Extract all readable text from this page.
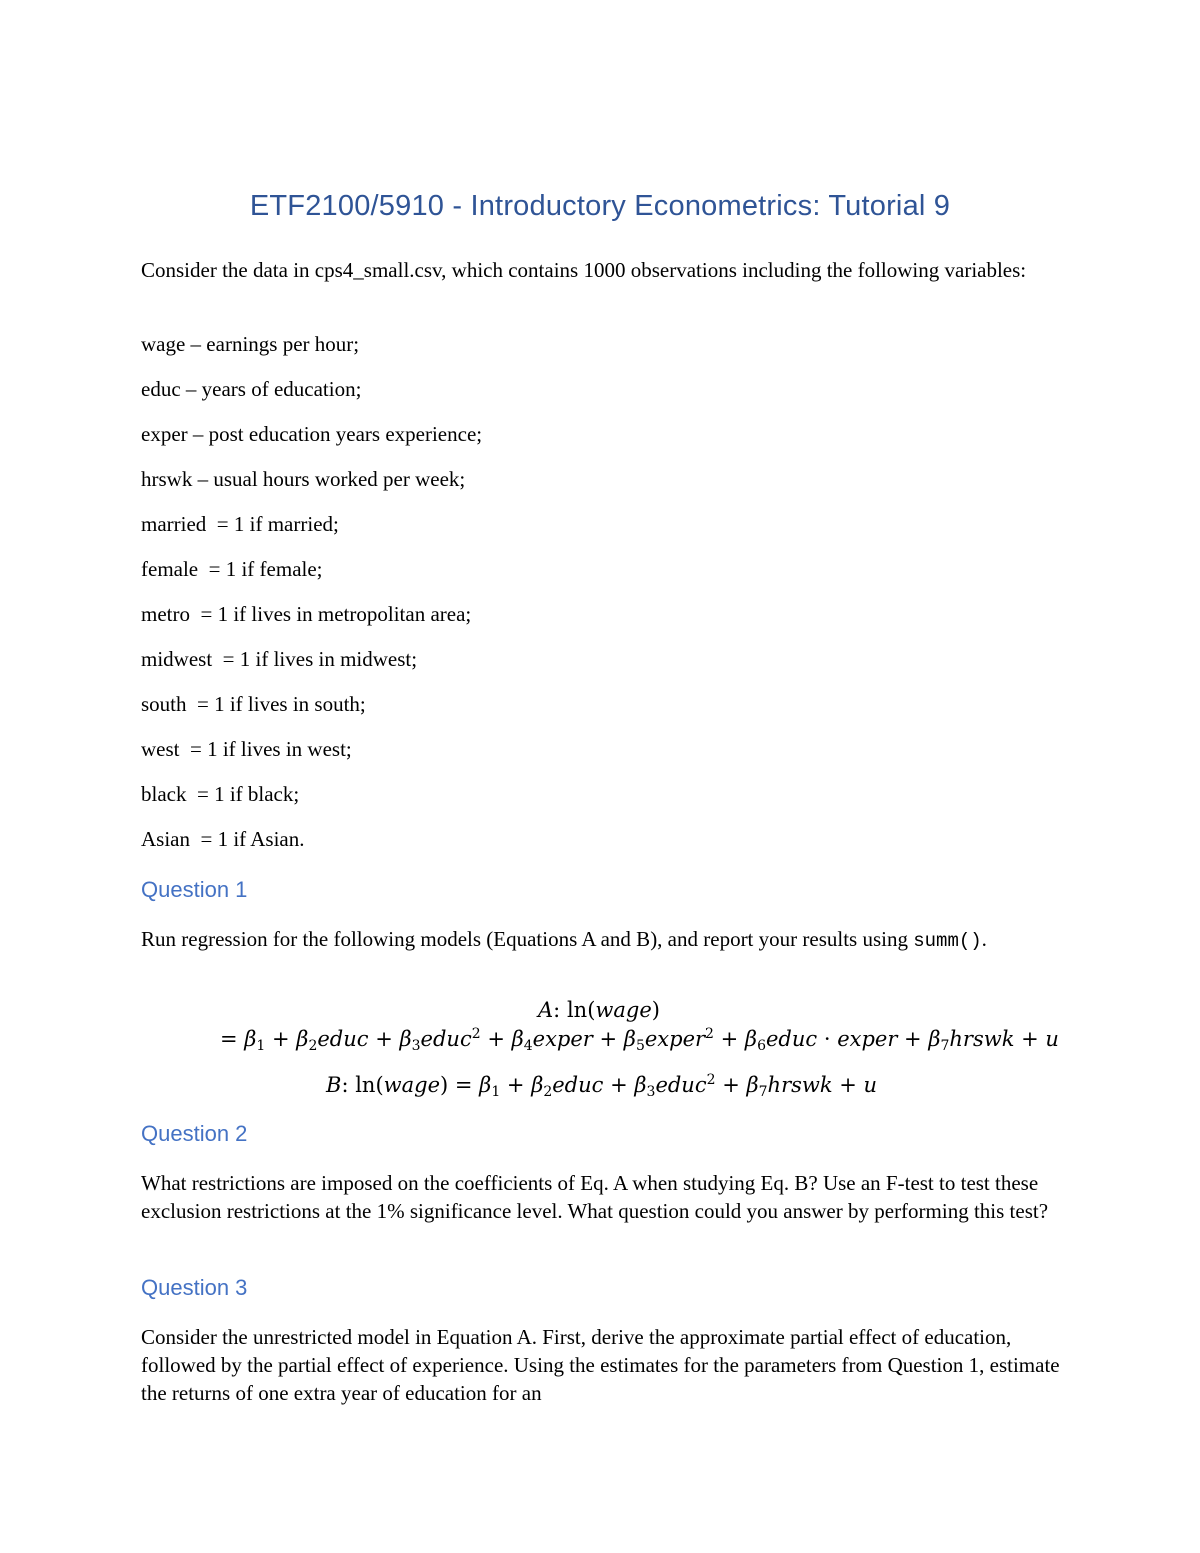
ETF2100/5910 - Introductory Econometrics: Tutorial 9

Consider the data in cps4_small.csv, which contains 1000 observations including the following variables:

wage – earnings per hour;

educ – years of education;

exper – post education years experience;

hrswk – usual hours worked per week;

married  = 1 if married;

female  = 1 if female;

metro  = 1 if lives in metropolitan area;

midwest  = 1 if lives in midwest;

south  = 1 if lives in south;

west  = 1 if lives in west;

black  = 1 if black;

Asian  = 1 if Asian.

Question 1

Run regression for the following models (Equations A and B), and report your results using summ().

A: ln(wage)
= $\beta_1$ + $\beta_2educ$ + $\beta_3educ^2$ + $\beta_4exper$ + $\beta_5exper^2$ + $\beta_6educ$ · exper + $\beta_7hrswk + u$
B: ln(wage) = $\beta_1$ + $\beta_2educ$ + $\beta_3educ^2$ + $\beta_7hrswk + u$
Question 2

What restrictions are imposed on the coefficients of Eq. A when studying Eq. B? Use an F-test to test these exclusion restrictions at the 1% significance level. What question could you answer by performing this test?

Question 3

Consider the unrestricted model in Equation A. First, derive the approximate partial effect of education, followed by the partial effect of experience. Using the estimates for the parameters from Question 1, estimate the returns of one extra year of education for an
